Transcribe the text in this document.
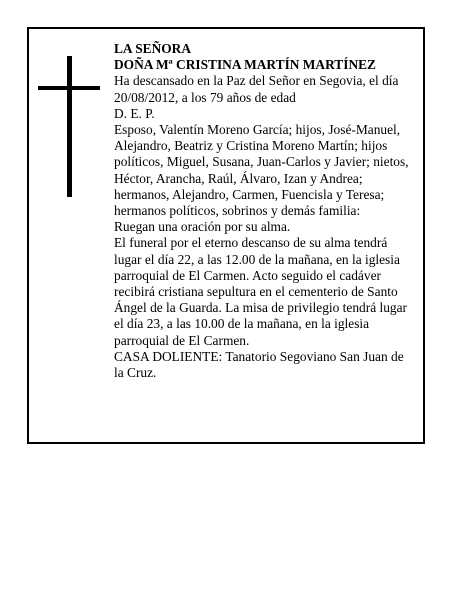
LA SEÑORA

DOÑA Mª CRISTINA MARTÍN MARTÍNEZ

Ha descansado en la Paz del Señor en Segovia, el día 20/08/2012, a los 79 años de edad

D. E. P.

Esposo, Valentín Moreno García; hijos, José-Manuel, Alejandro, Beatriz y Cristina Moreno Martín; hijos políticos, Miguel, Susana, Juan-Carlos y Javier; nietos, Héctor, Arancha, Raúl, Álvaro, Izan y Andrea; hermanos, Alejandro, Carmen, Fuencisla y Teresa; hermanos políticos, sobrinos y demás familia:

Ruegan una oración por su alma.

El funeral por el eterno descanso de su alma tendrá lugar el día 22, a las 12.00 de la mañana, en la iglesia parroquial de El Carmen. Acto seguido el cadáver recibirá cristiana sepultura en el cementerio de Santo Ángel de la Guarda. La misa de privilegio tendrá lugar el día 23, a las 10.00 de la mañana, en la iglesia parroquial de El Carmen.

CASA DOLIENTE: Tanatorio Segoviano San Juan de la Cruz.
